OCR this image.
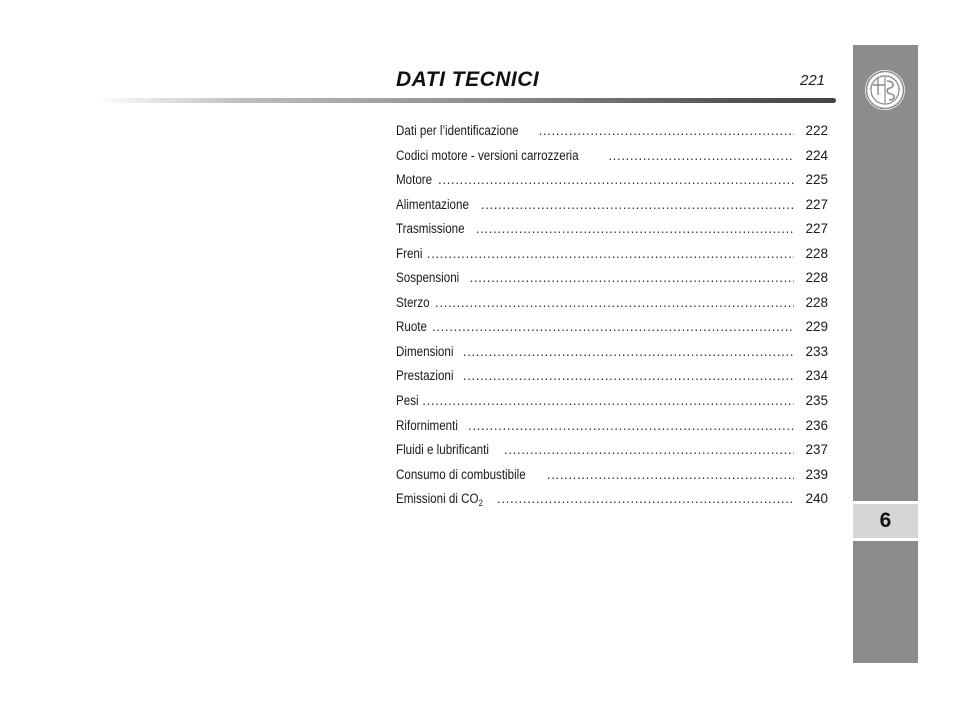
DATI TECNICI	221
6
Dati per l’identificazione . . .	222
Codici motore - versioni carrozzeria . . .	224
Motore . . .	225
Alimentazione . . .	227
Trasmissione . . .	227
Freni . . .	228
Sospensioni . . .	228
Sterzo . . .	228
Ruote . . .	229
Dimensioni . . .	233
Prestazioni . . .	234
Pesi . . .	235
Rifornimenti . . .	236
Fluidi e lubrificanti . . .	237
Consumo di combustibile . . .	239
Emissioni di $CO_2$ . . .	240
